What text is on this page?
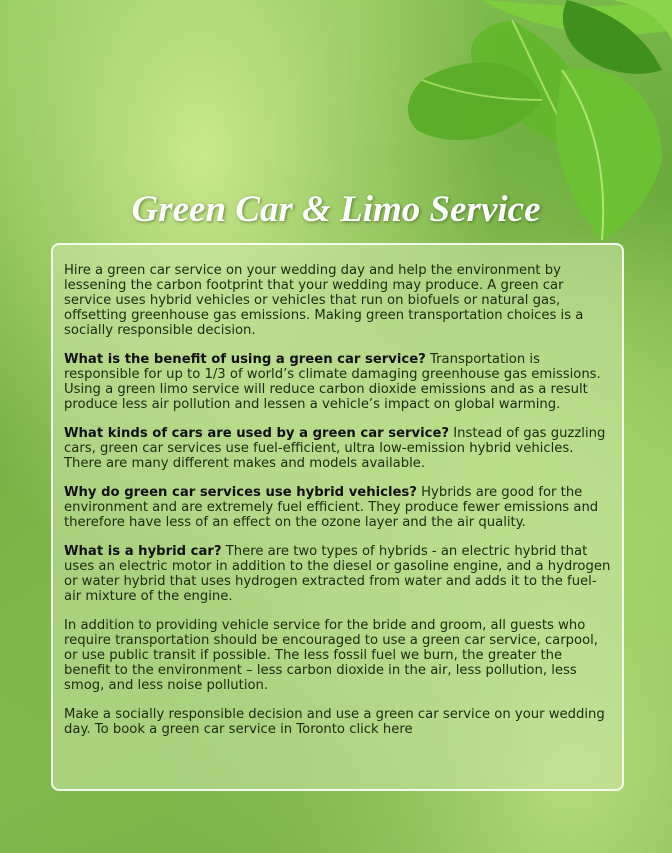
Green Car & Limo Service

Hire a green car service on your wedding day and help the environment by lessening the carbon footprint that your wedding may produce. A green car service uses hybrid vehicles or vehicles that run on biofuels or natural gas, offsetting greenhouse gas emissions. Making green transportation choices is a socially responsible decision.

What is the benefit of using a green car service? Transportation is responsible for up to 1/3 of world’s climate damaging greenhouse gas emissions. Using a green limo service will reduce carbon dioxide emissions and as a result produce less air pollution and lessen a vehicle’s impact on global warming.

What kinds of cars are used by a green car service? Instead of gas guzzling cars, green car services use fuel-efficient, ultra low-emission hybrid vehicles. There are many different makes and models available.

Why do green car services use hybrid vehicles? Hybrids are good for the environment and are extremely fuel efficient. They produce fewer emissions and therefore have less of an effect on the ozone layer and the air quality.

What is a hybrid car? There are two types of hybrids - an electric hybrid that uses an electric motor in addition to the diesel or gasoline engine, and a hydrogen or water hybrid that uses hydrogen extracted from water and adds it to the fuel-air mixture of the engine.

In addition to providing vehicle service for the bride and groom, all guests who require transportation should be encouraged to use a green car service, carpool, or use public transit if possible. The less fossil fuel we burn, the greater the benefit to the environment – less carbon dioxide in the air, less pollution, less smog, and less noise pollution.

Make a socially responsible decision and use a green car service on your wedding day. To book a green car service in Toronto click here
